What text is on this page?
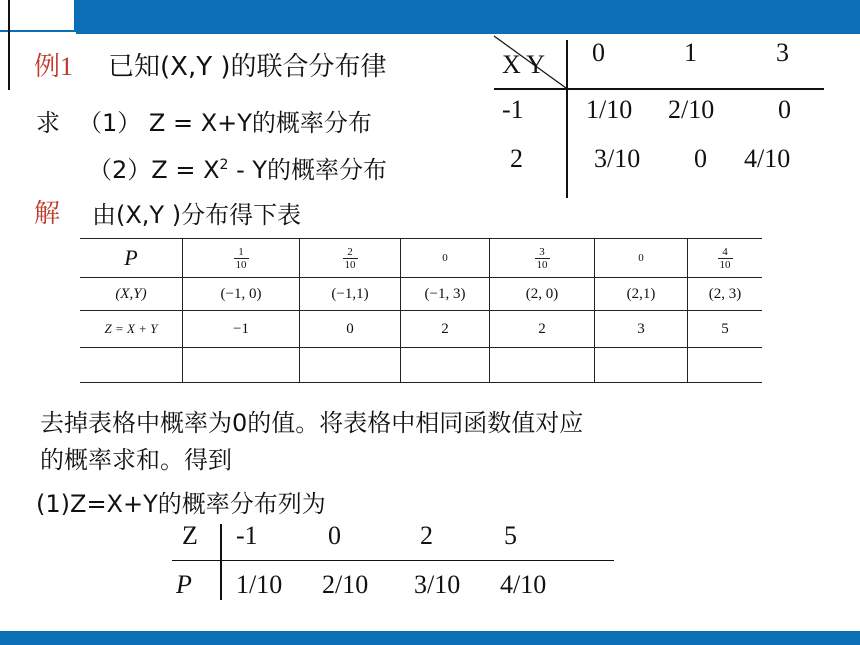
例1 已知(X,Y )的联合分布律
求 （1） Z = X+Y的概率分布
$(2)Z = X^2 - Y$的概率分布
解 由(X,Y )分布得下表
X Y 0	1	3
-1 1/10 2/10 0
2	3/10 0 4/10
P	$\frac{1}{10}$	$\frac{2}{10}$	0	$\frac{3}{10}$	0	$\frac{4}{10}$

(X,Y)	(−1, 0)	(−1,1)	(−1, 3)	(2, 0)	(2,1)	(2, 3)
Z = X + Y	−1	0	2	2	3	5

去掉表格中概率为0的值。将表格中相同函数值对应
的概率求和。得到
(1)Z=X+Y的概率分布列为
Z -1	0	2	5
P 1/10 2/10 3/10 4/10
